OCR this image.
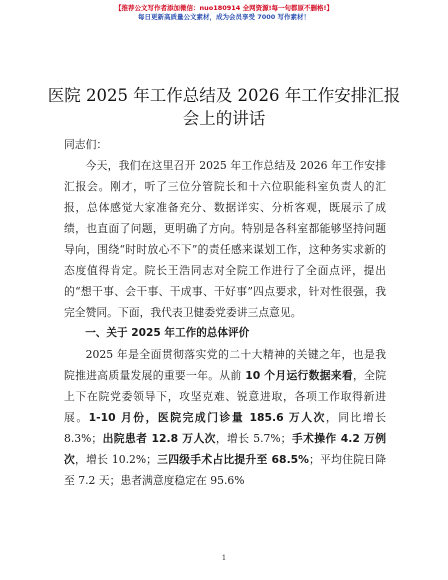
【推荐公文写作者添加微信：nuo180914 全网资源!每一句都原不删格!】
每日更新高质量公文素材，成为会员享受 7000 写作素材！
医院 2025 年工作总结及 2026 年工作安排汇报会上的讲话

同志们：

今天，我们在这里召开 2025 年工作总结及 2026 年工作安排汇报会。刚才，听了三位分管院长和十六位职能科室负责人的汇报，总体感觉大家准备充分、数据详实、分析客观，既展示了成绩，也直面了问题，更明确了方向。特别是各科室都能够坚持问题导向，围绕“时时放心不下”的责任感来谋划工作，这种务实求新的态度值得肯定。院长王浩同志对全院工作进行了全面点评，提出的“想干事、会干事、干成事、干好事”四点要求，针对性很强，我完全赞同。下面，我代表卫健委党委讲三点意见。

一、关于 2025 年工作的总体评价

2025 年是全面贯彻落实党的二十大精神的关键之年，也是我院推进高质量发展的重要一年。从前 10 个月运行数据来看，全院上下在院党委领导下，攻坚克难、锐意进取，各项工作取得新进展。1-10 月份，医院完成门诊量 185.6 万人次，同比增长 8.3%；出院患者 12.8 万人次，增长 5.7%；手术操作 4.2 万例次，增长 10.2%；三四级手术占比提升至 68.5%；平均住院日降至 7.2 天；患者满意度稳定在 95.6%

1
